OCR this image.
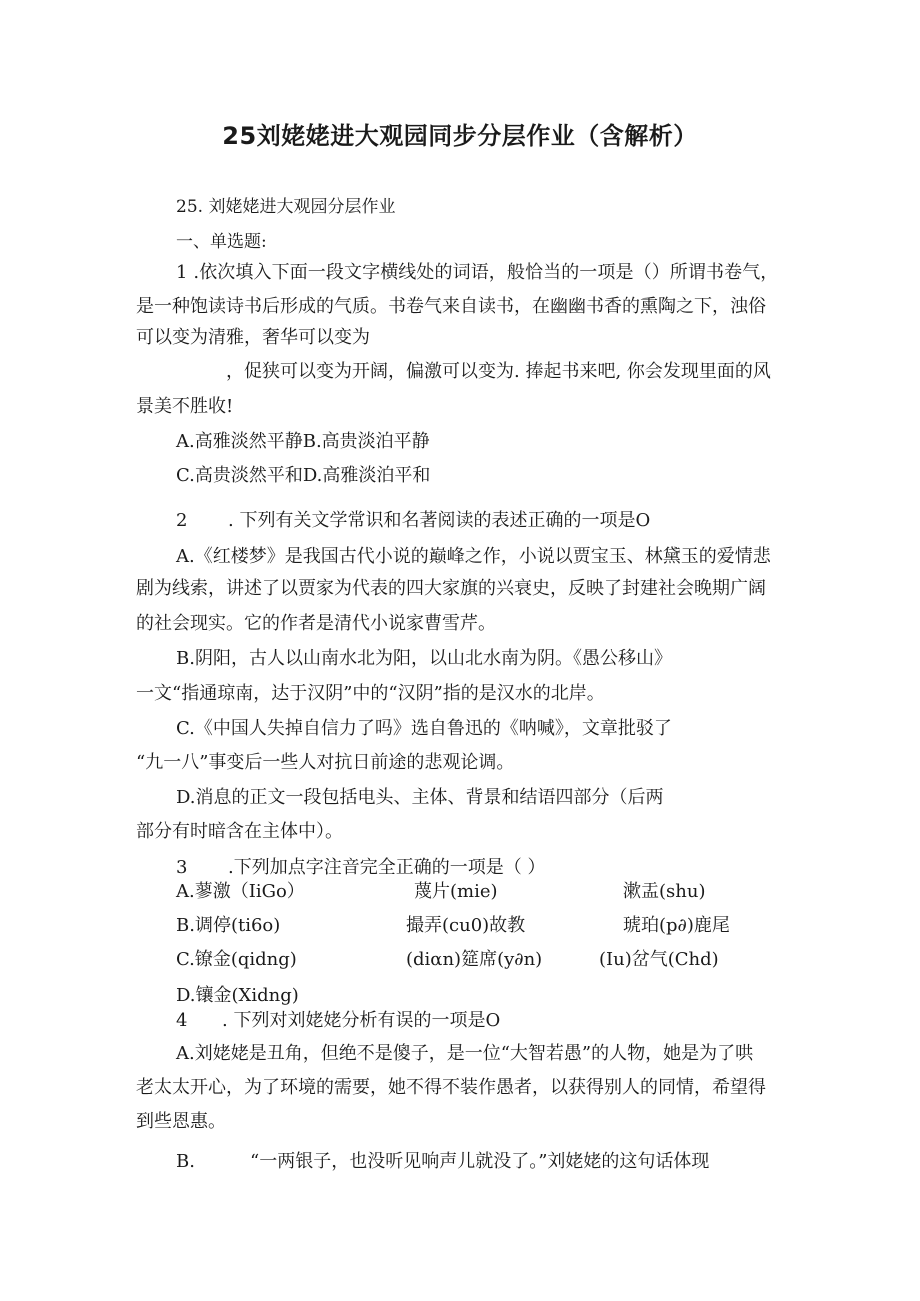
25刘姥姥进大观园同步分层作业（含解析）
25. 刘姥姥进大观园分层作业
一、单选题:
1 .依次填入下面一段文字横线处的词语，般恰当的一项是（）所谓书卷气，
是一种饱读诗书后形成的气质。书卷气来自读书，在幽幽书香的熏陶之下，浊俗
可以变为清雅，奢华可以变为
，促狭可以变为开阔，偏激可以变为. 捧起书来吧, 你会发现里面的风
景美不胜收!
A.高雅淡然平静B.高贵淡泊平静
C.高贵淡然平和D.高雅淡泊平和
2 . 下列有关文学常识和名著阅读的表述正确的一项是O
A.《红楼梦》是我国古代小说的巅峰之作，小说以贾宝玉、林黛玉的爱情悲
剧为线索，讲述了以贾家为代表的四大家旗的兴衰史，反映了封建社会晚期广阔
的社会现实。它的作者是清代小说家曹雪芹。
B.阴阳，古人以山南水北为阳，以山北水南为阴。《愚公移山》
一文“指通琼南，达于汉阴”中的“汉阴”指的是汉水的北岸。
C.《中国人失掉自信力了吗》选自鲁迅的《呐喊》，文章批驳了
“九一八”事变后一些人对抗日前途的悲观论调。
D.消息的正文一段包括电头、主体、背景和结语四部分（后两
部分有时暗含在主体中）。
3 .下列加点字注音完全正确的一项是（ ）
A.蓼激（IiGo）	蔑片(mie)	漱盂(shu)
B.调停(ti6o)	撮弄(cu0)故教	琥珀(p∂)鹿尾
C.镣金(qidng)	(diαn)筵席(y∂n)	(Iu)岔气(Chd)
D.镶金(Xidng)
4 . 下列对刘姥姥分析有误的一项是O
A.刘姥姥是丑角，但绝不是傻子，是一位“大智若愚”的人物，她是为了哄
老太太开心，为了环境的需要，她不得不装作愚者，以获得别人的同情，希望得
到些恩惠。
B.	“一两银子，也没听见响声儿就没了。”刘姥姥的这句话体现
